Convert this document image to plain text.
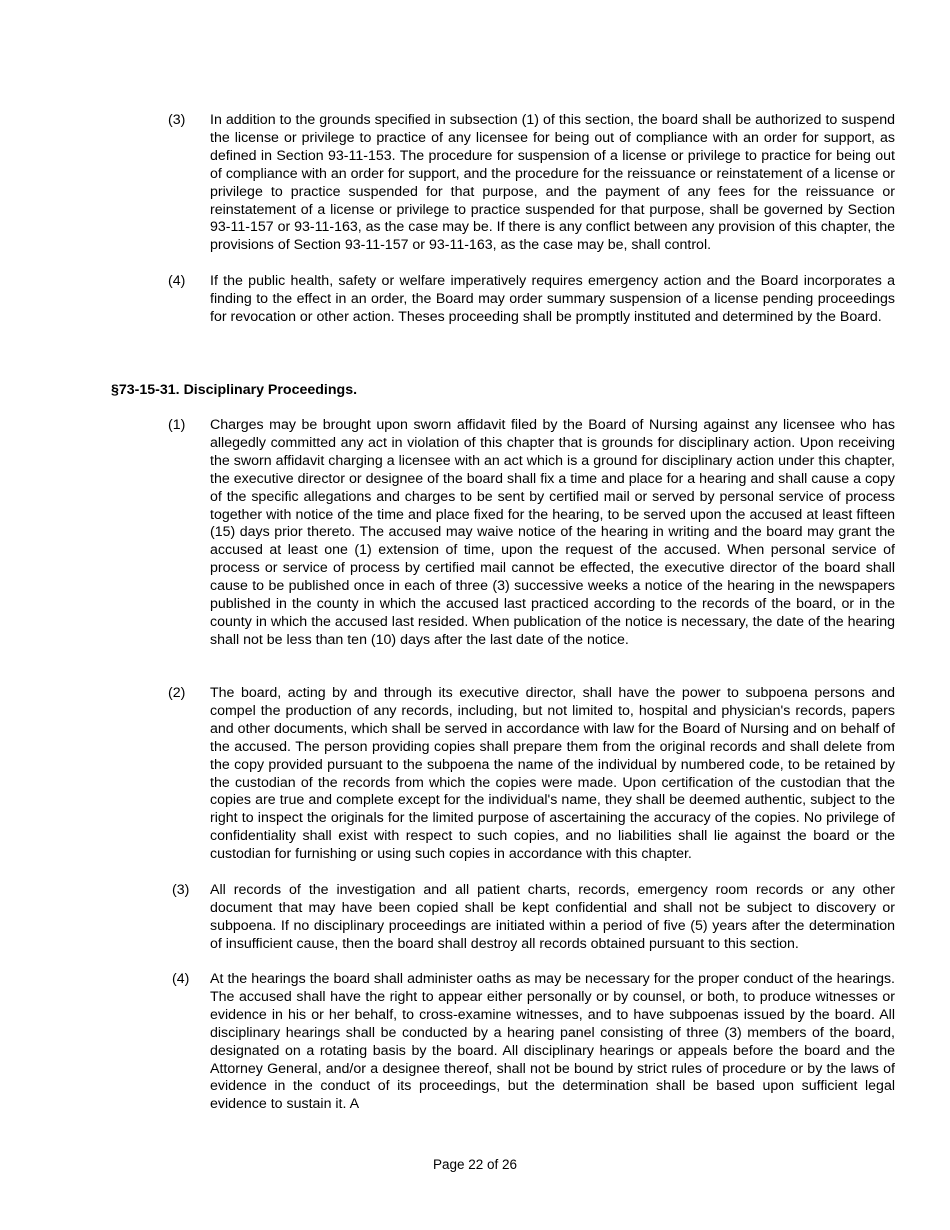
(3)	In addition to the grounds specified in subsection (1) of this section, the board shall be authorized to suspend the license or privilege to practice of any licensee for being out of compliance with an order for support, as defined in Section 93-11-153. The procedure for suspension of a license or privilege to practice for being out of compliance with an order for support, and the procedure for the reissuance or reinstatement of a license or privilege to practice suspended for that purpose, and the payment of any fees for the reissuance or reinstatement of a license or privilege to practice suspended for that purpose, shall be governed by Section 93-11-157 or 93-11-163, as the case may be. If there is any conflict between any provision of this chapter, the provisions of Section 93-11-157 or 93-11-163, as the case may be, shall control.
(4)	If the public health, safety or welfare imperatively requires emergency action and the Board incorporates a finding to the effect in an order, the Board may order summary suspension of a license pending proceedings for revocation or other action. Theses proceeding shall be promptly instituted and determined by the Board.
§73-15-31. Disciplinary Proceedings.
(1)	Charges may be brought upon sworn affidavit filed by the Board of Nursing against any licensee who has allegedly committed any act in violation of this chapter that is grounds for disciplinary action. Upon receiving the sworn affidavit charging a licensee with an act which is a ground for disciplinary action under this chapter, the executive director or designee of the board shall fix a time and place for a hearing and shall cause a copy of the specific allegations and charges to be sent by certified mail or served by personal service of process together with notice of the time and place fixed for the hearing, to be served upon the accused at least fifteen (15) days prior thereto. The accused may waive notice of the hearing in writing and the board may grant the accused at least one (1) extension of time, upon the request of the accused. When personal service of process or service of process by certified mail cannot be effected, the executive director of the board shall cause to be published once in each of three (3) successive weeks a notice of the hearing in the newspapers published in the county in which the accused last practiced according to the records of the board, or in the county in which the accused last resided. When publication of the notice is necessary, the date of the hearing shall not be less than ten (10) days after the last date of the notice.
(2)	The board, acting by and through its executive director, shall have the power to subpoena persons and compel the production of any records, including, but not limited to, hospital and physician's records, papers and other documents, which shall be served in accordance with law for the Board of Nursing and on behalf of the accused. The person providing copies shall prepare them from the original records and shall delete from the copy provided pursuant to the subpoena the name of the individual by numbered code, to be retained by the custodian of the records from which the copies were made. Upon certification of the custodian that the copies are true and complete except for the individual's name, they shall be deemed authentic, subject to the right to inspect the originals for the limited purpose of ascertaining the accuracy of the copies. No privilege of confidentiality shall exist with respect to such copies, and no liabilities shall lie against the board or the custodian for furnishing or using such copies in accordance with this chapter.
(3)	All records of the investigation and all patient charts, records, emergency room records or any other document that may have been copied shall be kept confidential and shall not be subject to discovery or subpoena. If no disciplinary proceedings are initiated within a period of five (5) years after the determination of insufficient cause, then the board shall destroy all records obtained pursuant to this section.
(4)	At the hearings the board shall administer oaths as may be necessary for the proper conduct of the hearings. The accused shall have the right to appear either personally or by counsel, or both, to produce witnesses or evidence in his or her behalf, to cross-examine witnesses, and to have subpoenas issued by the board. All disciplinary hearings shall be conducted by a hearing panel consisting of three (3) members of the board, designated on a rotating basis by the board. All disciplinary hearings or appeals before the board and the Attorney General, and/or a designee thereof, shall not be bound by strict rules of procedure or by the laws of evidence in the conduct of its proceedings, but the determination shall be based upon sufficient legal evidence to sustain it. A
Page 22 of 26
